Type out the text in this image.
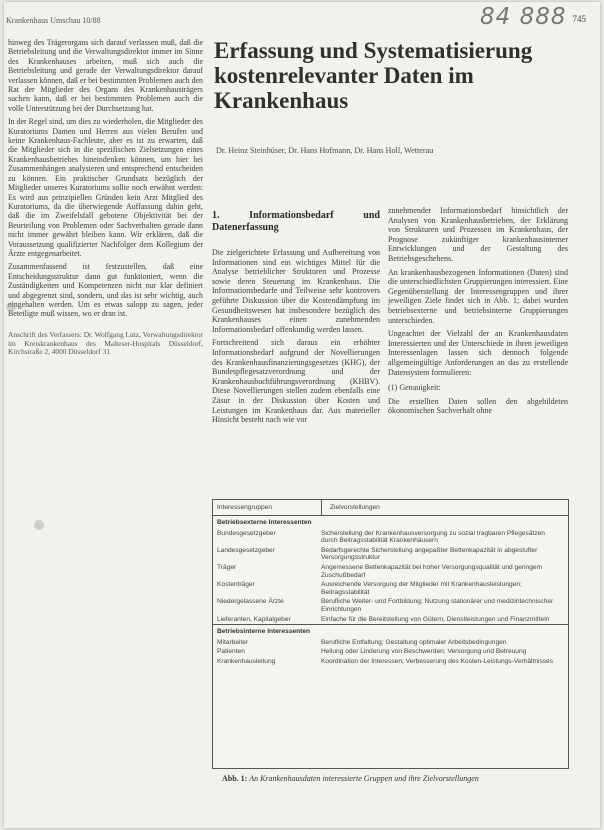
Krankenhaus Umschau 10/88	84 888 745

hinweg des Trägerorgans sich darauf verlassen muß, daß die Betriebsleitung und die Verwaltungsdirektor immer im Sinne des Krankenhauses arbeiten, muß sich auch die Betriebsleitung und gerade der Verwaltungsdirektor darauf verlassen können, daß er bei bestimmten Problemen auch den Rat der Mitglieder des Organs des Krankenhausträgers suchen kann, daß er bei bestimmten Problemen auch die volle Unterstützung bei der Durchsetzung hat.

In der Regel sind, um dies zu wiederholen, die Mitglieder des Kuratoriums Damen und Herren aus vielen Berufen und keine Krankenhaus-Fachleute, aber es ist zu erwarten, daß die Mitglieder sich in die spezifischen Zielsetzungen eines Krankenhausbetriebes hineindenken können, um hier bei Zusammenhängen analysieren und entsprechend entscheiden zu können. Ein praktischer Grundsatz bezüglich der Mitglieder unseres Kuratoriums sollte noch erwähnt werden: Es wird aus prinzipiellen Gründen kein Arzt Mitglied des Kuratoriums, da die überwiegende Auffassung dahin geht, daß die im Zweifelsfall gebotene Objektivität bei der Beurteilung von Problemen oder Sachverhalten gerade dann nicht immer gewährt bleiben kann. Wir erklären, daß die Voraussetzung qualifizierter Nachfolger dem Kollegium der Ärzte entgegenarbeitet.

Zusammenfassend ist festzustellen, daß eine Entscheidungsstruktur dann gut funktioniert, wenn die Zuständigkeiten und Kompetenzen nicht nur klar definiert und abgegrenzt sind, sondern, und das ist sehr wichtig, auch eingehalten werden. Um es etwas salopp zu sagen, jeder Beteiligte muß wissen, wo er dran ist.

Anschrift des Verfassers: Dr. Wolfgang Lutz, Verwaltungsdirektor im Kreiskrankenhaus des Malteser-Hospitals Düsseldorf, Kirchstraße 2, 4000 Düsseldorf 31

Erfassung und Systematisierung kostenrelevanter Daten im Krankenhaus
Dr. Heinz Steinhüser, Dr. Hans Hofmann, Dr. Hans Holl, Wetterau
1. Informationsbedarf und Datenerfassung

Die zielgerichtete Erfassung und Aufbereitung von Informationen sind ein wichtiges Mittel für die Analyse betrieblicher Strukturen und Prozesse sowie deren Steuerung im Krankenhaus. Die Informationsbedarfe und Teilweise sehr kontrovers geführte Diskussion über die Kostendämpfung im Gesundheitswesen hat insbesondere bezüglich des Krankenhauses einen zunehmenden Informationsbedarf offenkundig werden lassen.

Fortschreitend sich daraus ein erhöhter Informationsbedarf aufgrund der Novellierungen des Krankenhausfinanzierungsgesetzes (KHG), der Bundespflegesatzverordnung und der Krankenhausbuchführungsverordnung (KHBV). Diese Novellierungen stellen zudem ebenfalls eine Zäsur in der Diskussion über Kosten und Leistungen im Krankenhaus dar. Aus materieller Hinsicht besteht nach wie vor

zunehmender Informationsbedarf hinsichtlich der Analysen von Krankenhausbetrieben, der Erklärung von Strukturen und Prozessen im Krankenhaus, der Prognose zukünftiger krankenhausinterner Entwicklungen und der Gestaltung des Betriebsgeschehens.

An krankenhausbezogenen Informationen (Daten) sind die unterschiedlichsten Gruppierungen interessiert. Eine Gegenüberstellung der Interessengruppen und ihrer jeweiligen Ziele findet sich in Abb. 1; dabei wurden betriebsexterne und betriebsinterne Gruppierungen unterschieden.

Ungeachtet der Vielzahl der an Krankenhausdaten Interessierten und der Unterschiede in ihren jeweiligen Interessenlagen lassen sich dennoch folgende allgemeingültige Anforderungen an das zu erstellende Datensystem formulieren:

(1) Genauigkeit:

Die erstellten Daten sollen den abgebildeten ökonomischen Sachverhalt ohne

Interessengruppen	Zielvorstellungen
Betriebsexterne Interessenten
Bundesgesetzgeber	Sicherstellung der Krankenhausversorgung zu sozial tragbaren Pflegesätzen durch Beitragsstabilität Krankenhäusern
Landesgesetzgeber	Bedarfsgerechte Sicherstellung angepaßter Bettenkapazität in abgestufter Versorgungsstruktur
Träger	Angemessene Bettenkapazität bei hoher Versorgungsqualität und geringem Zuschußbedarf
Kostenträger	Ausreichende Versorgung der Mitglieder mit Krankenhausleistungen; Beitragsstabilität
Niedergelassene Ärzte	Berufliche Weiter- und Fortbildung; Nutzung stationärer und medizintechnischer Einrichtungen
Lieferanten, Kapitalgeber	Einfache für die Bereitstellung von Gütern, Dienstleistungen und Finanzmitteln
Betriebsinterne Interessenten
Mitarbeiter	Berufliche Entfaltung; Gestaltung optimaler Arbeitsbedingungen
Patienten	Heilung oder Linderung von Beschwerden; Versorgung und Betreuung
Krankenhausleitung	Koordination der Interessen; Verbesserung des Kosten-Leistungs-Verhältnisses
Abb. 1: An Krankenhausdaten interessierte Gruppen und ihre Zielvorstellungen
